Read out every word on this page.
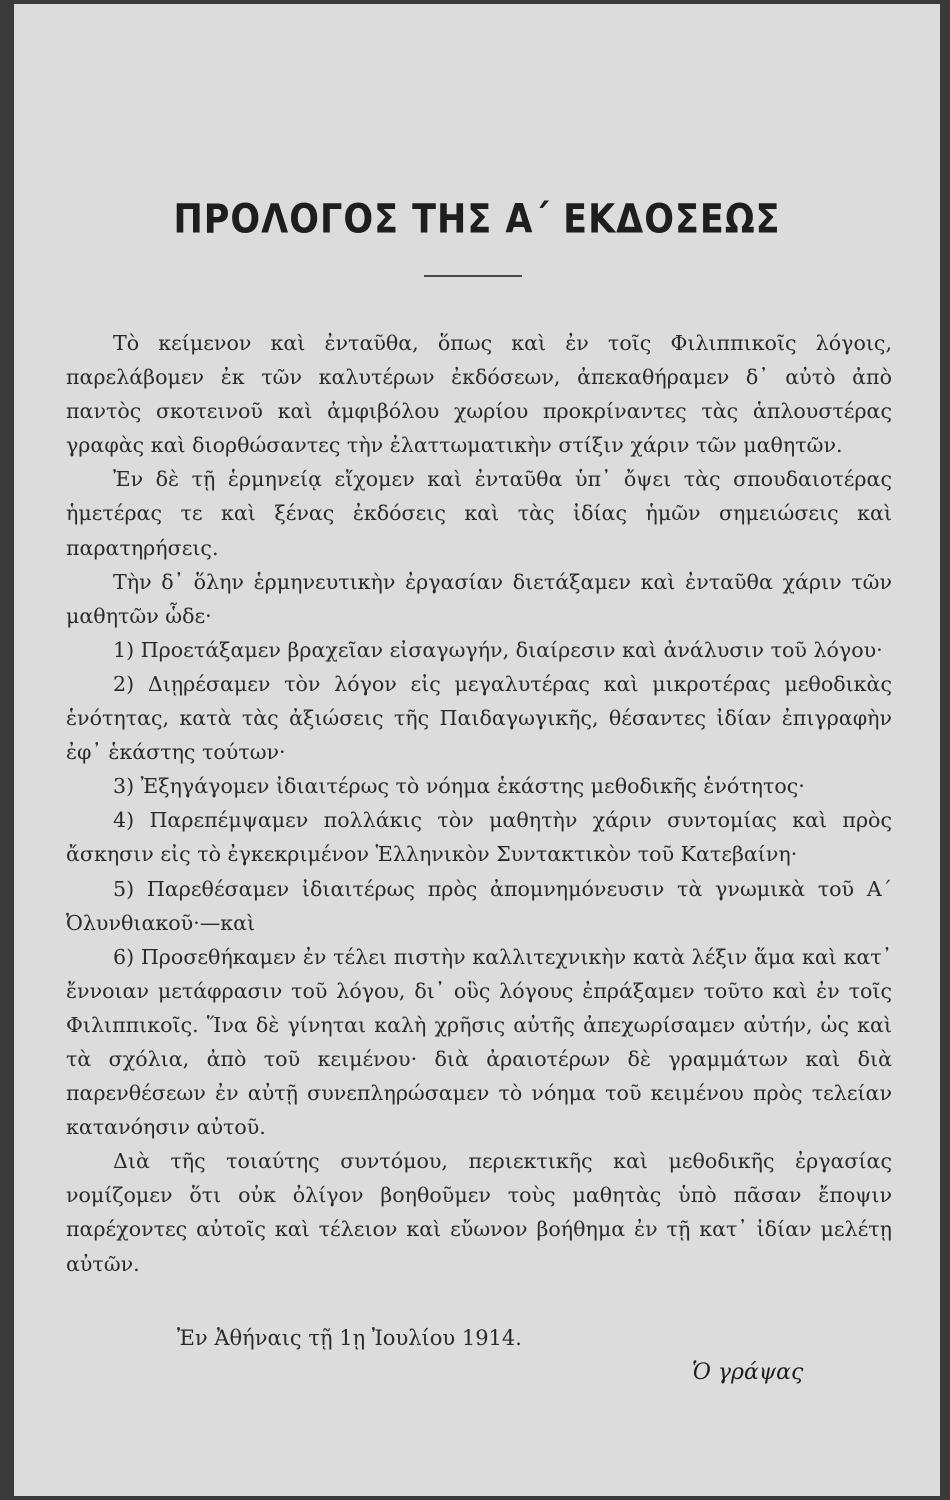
ΠΡΟΛΟΓΟΣ ΤΗΣ Α΄ ΕΚΔΟΣΕΩΣ

Τὸ κείμενον καὶ ἐνταῦθα, ὅπως καὶ ἐν τοῖς Φιλιππικοῖς λόγοις, παρελάβομεν ἐκ τῶν καλυτέρων ἐκδόσεων, ἀπεκαθήραμεν δ᾽ αὐτὸ ἀπὸ παντὸς σκοτεινοῦ καὶ ἀμφιβόλου χωρίου προκρίναντες τὰς ἁπλουστέρας γραφὰς καὶ διορθώσαντες τὴν ἐλαττωματικὴν στίξιν χάριν τῶν μαθητῶν.

Ἐν δὲ τῇ ἑρμηνείᾳ εἴχομεν καὶ ἐνταῦθα ὑπ᾽ ὄψει τὰς σπουδαιοτέρας ἡμετέρας τε καὶ ξένας ἐκδόσεις καὶ τὰς ἰδίας ἡμῶν σημειώσεις καὶ παρατηρήσεις.

Τὴν δ᾽ ὅλην ἑρμηνευτικὴν ἐργασίαν διετάξαμεν καὶ ἐνταῦθα χάριν τῶν μαθητῶν ὧδε·

1) Προετάξαμεν βραχεῖαν εἰσαγωγήν, διαίρεσιν καὶ ἀνάλυσιν τοῦ λόγου·

2) Διῃρέσαμεν τὸν λόγον εἰς μεγαλυτέρας καὶ μικροτέρας μεθοδικὰς ἑνότητας, κατὰ τὰς ἀξιώσεις τῆς Παιδαγωγικῆς, θέσαντες ἰδίαν ἐπιγραφὴν ἐφ᾽ ἑκάστης τούτων·

3) Ἐξηγάγομεν ἰδιαιτέρως τὸ νόημα ἑκάστης μεθοδικῆς ἑνότητος·

4) Παρεπέμψαμεν πολλάκις τὸν μαθητὴν χάριν συντομίας καὶ πρὸς ἄσκησιν εἰς τὸ ἐγκεκριμένον Ἑλληνικὸν Συντακτικὸν τοῦ Κατεβαίνη·

5) Παρεθέσαμεν ἰδιαιτέρως πρὸς ἀπομνημόνευσιν τὰ γνωμικὰ τοῦ Α΄ Ὀλυνθιακοῦ·—καὶ

6) Προσεθήκαμεν ἐν τέλει πιστὴν καλλιτεχνικὴν κατὰ λέξιν ἅμα καὶ κατ᾽ ἔννοιαν μετάφρασιν τοῦ λόγου, δι᾽ οὓς λόγους ἐπράξαμεν τοῦτο καὶ ἐν τοῖς Φιλιππικοῖς. Ἵνα δὲ γίνηται καλὴ χρῆσις αὐτῆς ἀπεχωρίσαμεν αὐτήν, ὡς καὶ τὰ σχόλια, ἀπὸ τοῦ κειμένου· διὰ ἀραιοτέρων δὲ γραμμάτων καὶ διὰ παρενθέσεων ἐν αὐτῇ συνεπληρώσαμεν τὸ νόημα τοῦ κειμένου πρὸς τελείαν κατανόησιν αὐτοῦ.

Διὰ τῆς τοιαύτης συντόμου, περιεκτικῆς καὶ μεθοδικῆς ἐργασίας νομίζομεν ὅτι οὐκ ὀλίγον βοηθοῦμεν τοὺς μαθητὰς ὑπὸ πᾶσαν ἔποψιν παρέχοντες αὐτοῖς καὶ τέλειον καὶ εὔωνον βοήθημα ἐν τῇ κατ᾽ ἰδίαν μελέτῃ αὐτῶν.

Ἐν Ἀθήναις τῇ 1ῃ Ἰουλίου 1914.
Ὁ γράψας
